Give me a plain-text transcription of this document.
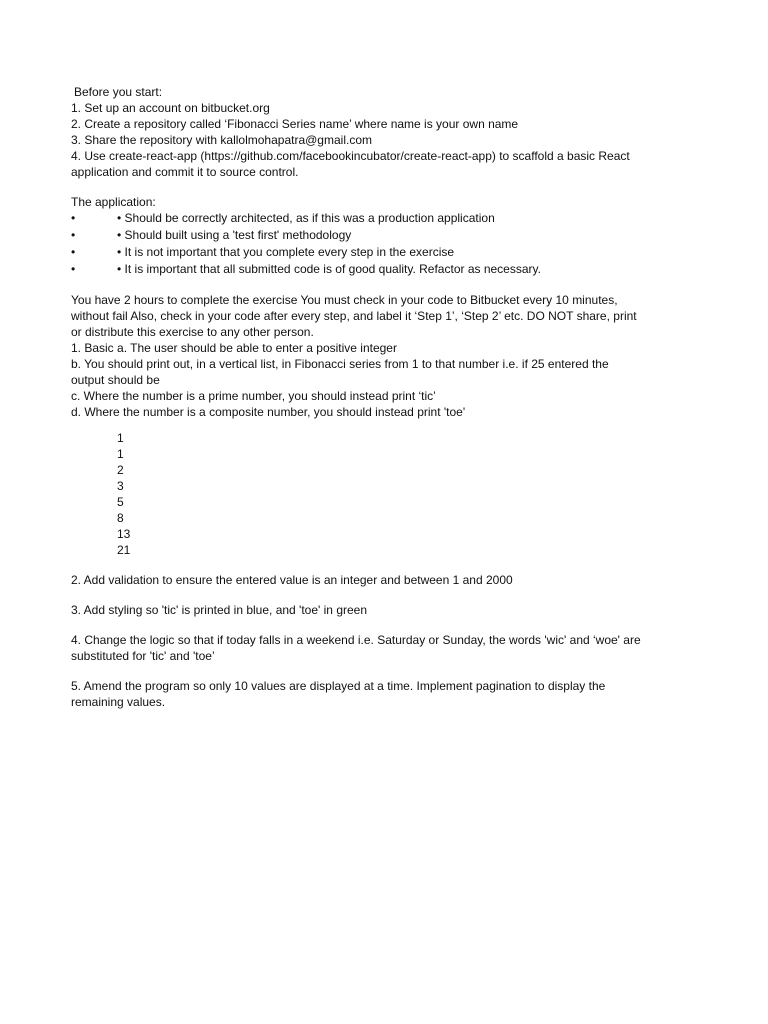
Before you start:
1. Set up an account on bitbucket.org
2. Create a repository called ‘Fibonacci Series name’ where name is your own name
3. Share the repository with kallolmohapatra@gmail.com
4. Use create-react-app (https://github.com/facebookincubator/create-react-app) to scaffold a basic React
application and commit it to source control.
The application:
•	• Should be correctly architected, as if this was a production application
•	• Should built using a 'test first' methodology
•	• It is not important that you complete every step in the exercise
•	• It is important that all submitted code is of good quality. Refactor as necessary.
You have 2 hours to complete the exercise You must check in your code to Bitbucket every 10 minutes,
without fail Also, check in your code after every step, and label it ‘Step 1’, ‘Step 2’ etc. DO NOT share, print
or distribute this exercise to any other person.
1. Basic a. The user should be able to enter a positive integer
b. You should print out, in a vertical list, in Fibonacci series from 1 to that number i.e. if 25 entered the
output should be
c. Where the number is a prime number, you should instead print ‘tic’
d. Where the number is a composite number, you should instead print 'toe'
1
1
2
3
5
8
13
21
2. Add validation to ensure the entered value is an integer and between 1 and 2000
3. Add styling so 'tic' is printed in blue, and 'toe' in green
4. Change the logic so that if today falls in a weekend i.e. Saturday or Sunday, the words 'wic' and ‘woe' are
substituted for 'tic' and 'toe’
5. Amend the program so only 10 values are displayed at a time. Implement pagination to display the
remaining values.
